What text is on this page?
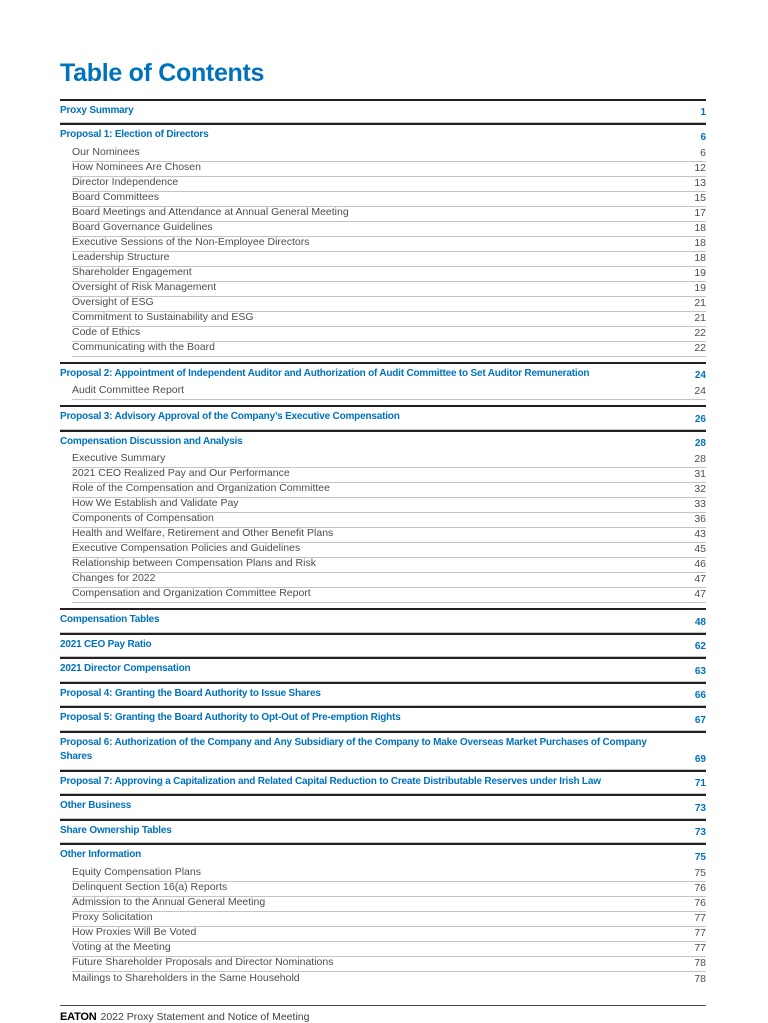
Table of Contents
Proxy Summary	1
Proposal 1: Election of Directors	6
Our Nominees	6
How Nominees Are Chosen	12
Director Independence	13
Board Committees	15
Board Meetings and Attendance at Annual General Meeting	17
Board Governance Guidelines	18
Executive Sessions of the Non-Employee Directors	18
Leadership Structure	18
Shareholder Engagement	19
Oversight of Risk Management	19
Oversight of ESG	21
Commitment to Sustainability and ESG	21
Code of Ethics	22
Communicating with the Board	22
Proposal 2: Appointment of Independent Auditor and Authorization of Audit Committee to Set Auditor Remuneration	24
Audit Committee Report	24
Proposal 3: Advisory Approval of the Company’s Executive Compensation	26
Compensation Discussion and Analysis	28
Executive Summary	28
2021 CEO Realized Pay and Our Performance	31
Role of the Compensation and Organization Committee	32
How We Establish and Validate Pay	33
Components of Compensation	36
Health and Welfare, Retirement and Other Benefit Plans	43
Executive Compensation Policies and Guidelines	45
Relationship between Compensation Plans and Risk	46
Changes for 2022	47
Compensation and Organization Committee Report	47
Compensation Tables	48
2021 CEO Pay Ratio	62
2021 Director Compensation	63
Proposal 4: Granting the Board Authority to Issue Shares	66
Proposal 5: Granting the Board Authority to Opt-Out of Pre-emption Rights	67
Proposal 6: Authorization of the Company and Any Subsidiary of the Company to Make Overseas Market Purchases of Company Shares	69
Proposal 7: Approving a Capitalization and Related Capital Reduction to Create Distributable Reserves under Irish Law	71
Other Business	73
Share Ownership Tables	73
Other Information	75
Equity Compensation Plans	75
Delinquent Section 16(a) Reports	76
Admission to the Annual General Meeting	76
Proxy Solicitation	77
How Proxies Will Be Voted	77
Voting at the Meeting	77
Future Shareholder Proposals and Director Nominations	78
Mailings to Shareholders in the Same Household	78
EATON 2022 Proxy Statement and Notice of Meeting
